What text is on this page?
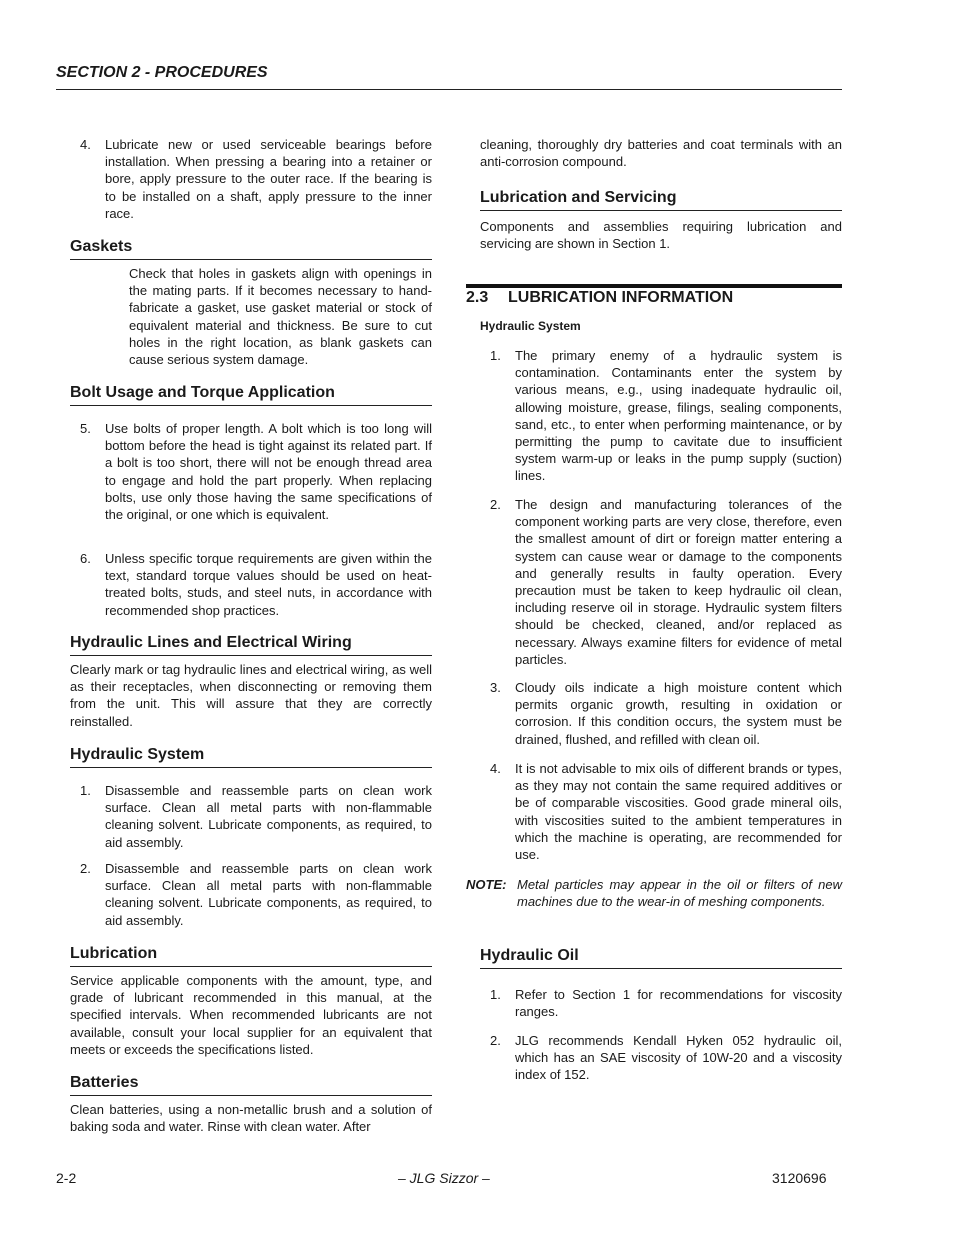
SECTION 2 - PROCEDURES
4. Lubricate new or used serviceable bearings before installation. When pressing a bearing into a retainer or bore, apply pressure to the outer race. If the bearing is to be installed on a shaft, apply pressure to the inner race.
Gaskets

Check that holes in gaskets align with openings in the mating parts. If it becomes necessary to hand-fabricate a gasket, use gasket material or stock of equivalent material and thickness. Be sure to cut holes in the right location, as blank gaskets can cause serious system damage.

Bolt Usage and Torque Application
5. Use bolts of proper length. A bolt which is too long will bottom before the head is tight against its related part. If a bolt is too short, there will not be enough thread area to engage and hold the part properly. When replacing bolts, use only those having the same specifications of the original, or one which is equivalent.
6. Unless specific torque requirements are given within the text, standard torque values should be used on heat-treated bolts, studs, and steel nuts, in accordance with recommended shop practices.
Hydraulic Lines and Electrical Wiring

Clearly mark or tag hydraulic lines and electrical wiring, as well as their receptacles, when disconnecting or removing them from the unit. This will assure that they are correctly reinstalled.

Hydraulic System
1. Disassemble and reassemble parts on clean work surface. Clean all metal parts with non-flammable cleaning solvent. Lubricate components, as required, to aid assembly.
2. Disassemble and reassemble parts on clean work surface. Clean all metal parts with non-flammable cleaning solvent. Lubricate components, as required, to aid assembly.
Lubrication

Service applicable components with the amount, type, and grade of lubricant recommended in this manual, at the specified intervals. When recommended lubricants are not available, consult your local supplier for an equivalent that meets or exceeds the specifications listed.

Batteries

Clean batteries, using a non-metallic brush and a solution of baking soda and water. Rinse with clean water. After

cleaning, thoroughly dry batteries and coat terminals with an anti-corrosion compound.

Lubrication and Servicing

Components and assemblies requiring lubrication and servicing are shown in Section 1.

2.3 LUBRICATION INFORMATION
Hydraulic System
1. The primary enemy of a hydraulic system is contamination. Contaminants enter the system by various means, e.g., using inadequate hydraulic oil, allowing moisture, grease, filings, sealing components, sand, etc., to enter when performing maintenance, or by permitting the pump to cavitate due to insufficient system warm-up or leaks in the pump supply (suction) lines.
2. The design and manufacturing tolerances of the component working parts are very close, therefore, even the smallest amount of dirt or foreign matter entering a system can cause wear or damage to the components and generally results in faulty operation. Every precaution must be taken to keep hydraulic oil clean, including reserve oil in storage. Hydraulic system filters should be checked, cleaned, and/or replaced as necessary. Always examine filters for evidence of metal particles.
3. Cloudy oils indicate a high moisture content which permits organic growth, resulting in oxidation or corrosion. If this condition occurs, the system must be drained, flushed, and refilled with clean oil.
4. It is not advisable to mix oils of different brands or types, as they may not contain the same required additives or be of comparable viscosities. Good grade mineral oils, with viscosities suited to the ambient temperatures in which the machine is operating, are recommended for use.
NOTE: Metal particles may appear in the oil or filters of new machines due to the wear-in of meshing components.
Hydraulic Oil
1. Refer to Section 1 for recommendations for viscosity ranges.
2. JLG recommends Kendall Hyken 052 hydraulic oil, which has an SAE viscosity of 10W-20 and a viscosity index of 152.
2-2	– JLG Sizzor –	3120696
